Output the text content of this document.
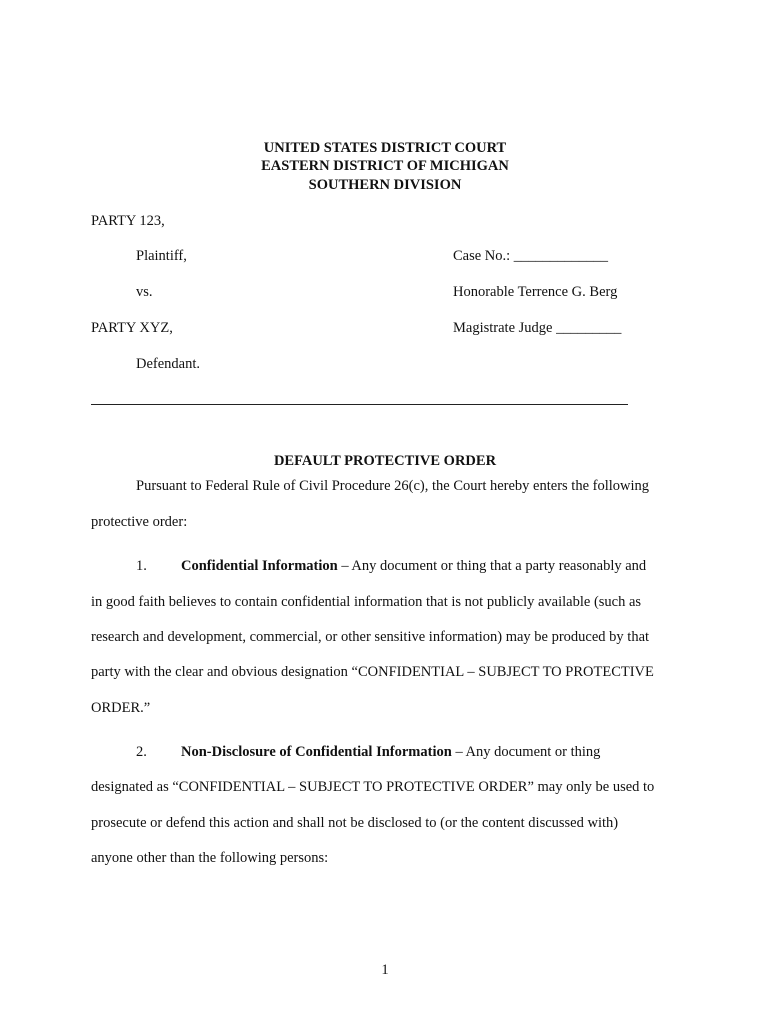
UNITED STATES DISTRICT COURT
EASTERN DISTRICT OF MICHIGAN
SOUTHERN DIVISION
PARTY 123,
Plaintiff,
vs.
PARTY XYZ,
Defendant.
Case No.: _____________
Honorable Terrence G. Berg
Magistrate Judge _________
DEFAULT PROTECTIVE ORDER
Pursuant to Federal Rule of Civil Procedure 26(c), the Court hereby enters the following
protective order:
1. Confidential Information – Any document or thing that a party reasonably and
in good faith believes to contain confidential information that is not publicly available (such as
research and development, commercial, or other sensitive information) may be produced by that
party with the clear and obvious designation “CONFIDENTIAL – SUBJECT TO PROTECTIVE
ORDER.”
2. Non-Disclosure of Confidential Information – Any document or thing
designated as “CONFIDENTIAL – SUBJECT TO PROTECTIVE ORDER” may only be used to
prosecute or defend this action and shall not be disclosed to (or the content discussed with)
anyone other than the following persons:
1
